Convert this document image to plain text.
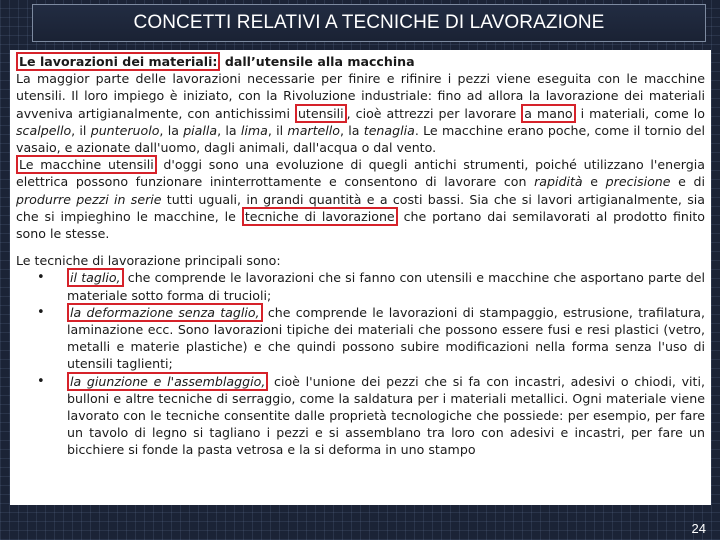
CONCETTI RELATIVI A TECNICHE DI LAVORAZIONE

Le lavorazioni dei materiali: dall’utensile alla macchina

La maggior parte delle lavorazioni necessarie per finire e rifinire i pezzi viene eseguita con le macchine utensili. Il loro impiego è iniziato, con la Rivoluzione industriale: fino ad allora la lavorazione dei materiali avveniva artigianalmente, con antichissimi utensili , cioè attrezzi per lavorare a mano i materiali, come lo scalpello, il punteruolo, la pialla, la lima, il martello, la tenaglia. Le macchine erano poche, come il tornio del vasaio, e azionate dall'uomo, dagli animali, dall'acqua o dal vento.

Le macchine utensili d'oggi sono una evoluzione di quegli antichi strumenti, poiché utilizzano l'energia elettrica possono funzionare ininterrottamente e consentono di lavorare con rapidità e precisione e di produrre pezzi in serie tutti uguali, in grandi quantità e a costi bassi. Sia che si lavori artigianalmente, sia che si impieghino le macchine, le tecniche di lavorazione che portano dai semilavorati al prodotto finito sono le stesse.

Le tecniche di lavorazione principali sono:

• il taglio, che comprende le lavorazioni che si fanno con utensili e macchine che asportano parte del materiale sotto forma di trucioli;
• la deformazione senza taglio, che comprende le lavorazioni di stampaggio, estrusione, trafilatura, laminazione ecc. Sono lavorazioni tipiche dei materiali che possono essere fusi e resi plastici (vetro, metalli e materie plastiche) e che quindi possono subire modificazioni nella forma senza l'uso di utensili taglienti;
• la giunzione e l'assemblaggio, cioè l'unione dei pezzi che si fa con incastri, adesivi o chiodi, viti, bulloni e altre tecniche di serraggio, come la saldatura per i materiali metallici. Ogni materiale viene lavorato con le tecniche consentite dalle proprietà tecnologiche che possiede: per esempio, per fare un tavolo di legno si tagliano i pezzi e si assemblano tra loro con adesivi e incastri, per fare un bicchiere si fonde la pasta vetrosa e la si deforma in uno stampo
24
